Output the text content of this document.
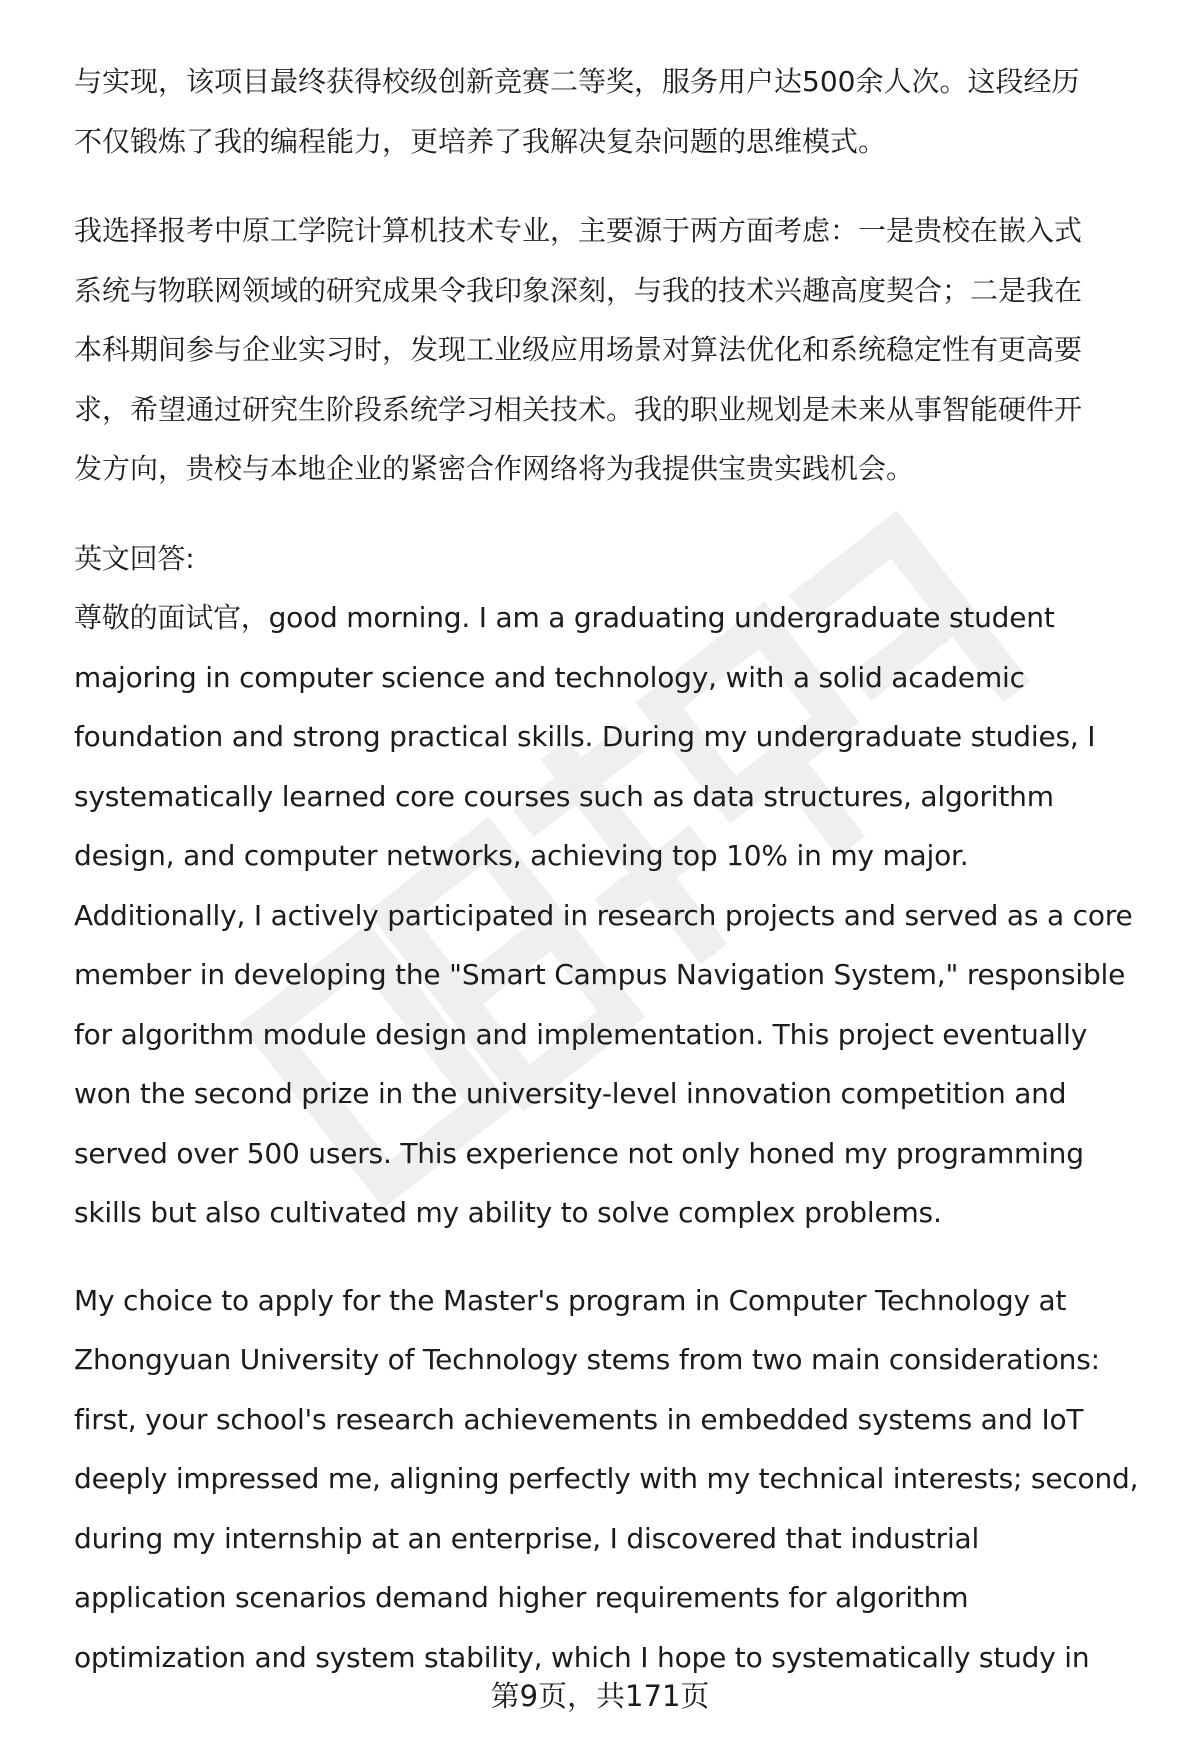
与实现，该项目最终获得校级创新竞赛二等奖，服务用户达500余人次。这段经历
不仅锻炼了我的编程能力，更培养了我解决复杂问题的思维模式。
我选择报考中原工学院计算机技术专业，主要源于两方面考虑：一是贵校在嵌入式
系统与物联网领域的研究成果令我印象深刻，与我的技术兴趣高度契合；二是我在
本科期间参与企业实习时，发现工业级应用场景对算法优化和系统稳定性有更高要
求，希望通过研究生阶段系统学习相关技术。我的职业规划是未来从事智能硬件开
发方向，贵校与本地企业的紧密合作网络将为我提供宝贵实践机会。
英文回答:
尊敬的面试官，good morning. I am a graduating undergraduate student
majoring in computer science and technology, with a solid academic
foundation and strong practical skills. During my undergraduate studies, I
systematically learned core courses such as data structures, algorithm
design, and computer networks, achieving top 10% in my major.
Additionally, I actively participated in research projects and served as a core
member in developing the "Smart Campus Navigation System," responsible
for algorithm module design and implementation. This project eventually
won the second prize in the university-level innovation competition and
served over 500 users. This experience not only honed my programming
skills but also cultivated my ability to solve complex problems.
My choice to apply for the Master's program in Computer Technology at
Zhongyuan University of Technology stems from two main considerations:
first, your school's research achievements in embedded systems and IoT
deeply impressed me, aligning perfectly with my technical interests; second,
during my internship at an enterprise, I discovered that industrial
application scenarios demand higher requirements for algorithm
optimization and system stability, which I hope to systematically study in
第9页，共171页
